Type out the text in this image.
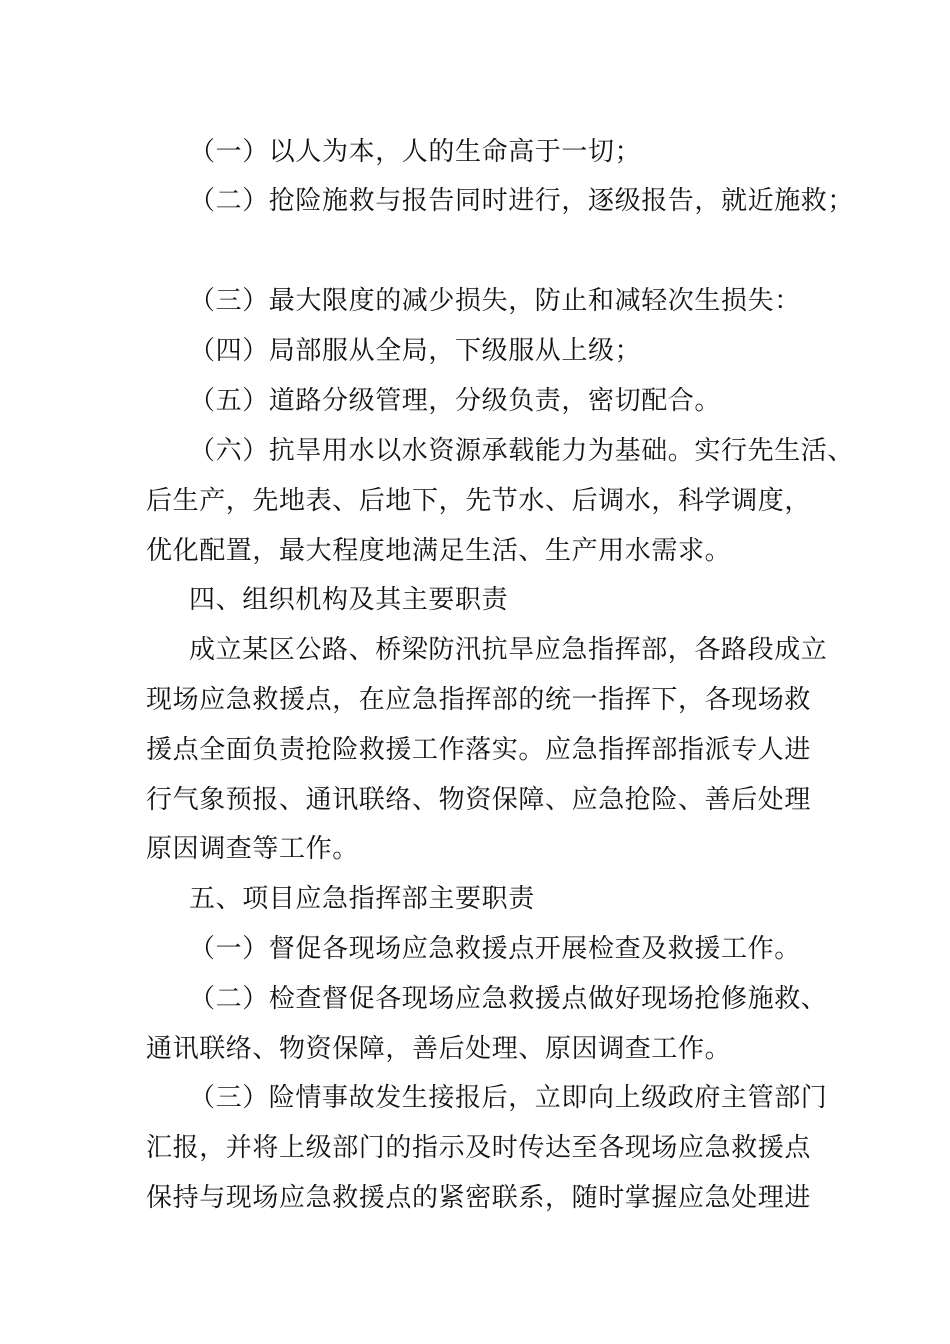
（一）以人为本，人的生命高于一切；
（二）抢险施救与报告同时进行，逐级报告，就近施救；
（三）最大限度的减少损失，防止和减轻次生损失：
（四）局部服从全局，下级服从上级；
（五）道路分级管理，分级负责，密切配合。
（六）抗旱用水以水资源承载能力为基础。实行先生活、
后生产，先地表、后地下，先节水、后调水，科学调度，
优化配置，最大程度地满足生活、生产用水需求。
四、组织机构及其主要职责
成立某区公路、桥梁防汛抗旱应急指挥部，各路段成立
现场应急救援点，在应急指挥部的统一指挥下，各现场救
援点全面负责抢险救援工作落实。应急指挥部指派专人进
行气象预报、通讯联络、物资保障、应急抢险、善后处理
原因调查等工作。
五、项目应急指挥部主要职责
（一）督促各现场应急救援点开展检查及救援工作。
（二）检查督促各现场应急救援点做好现场抢修施救、
通讯联络、物资保障，善后处理、原因调查工作。
（三）险情事故发生接报后，立即向上级政府主管部门
汇报，并将上级部门的指示及时传达至各现场应急救援点
保持与现场应急救援点的紧密联系，随时掌握应急处理进
